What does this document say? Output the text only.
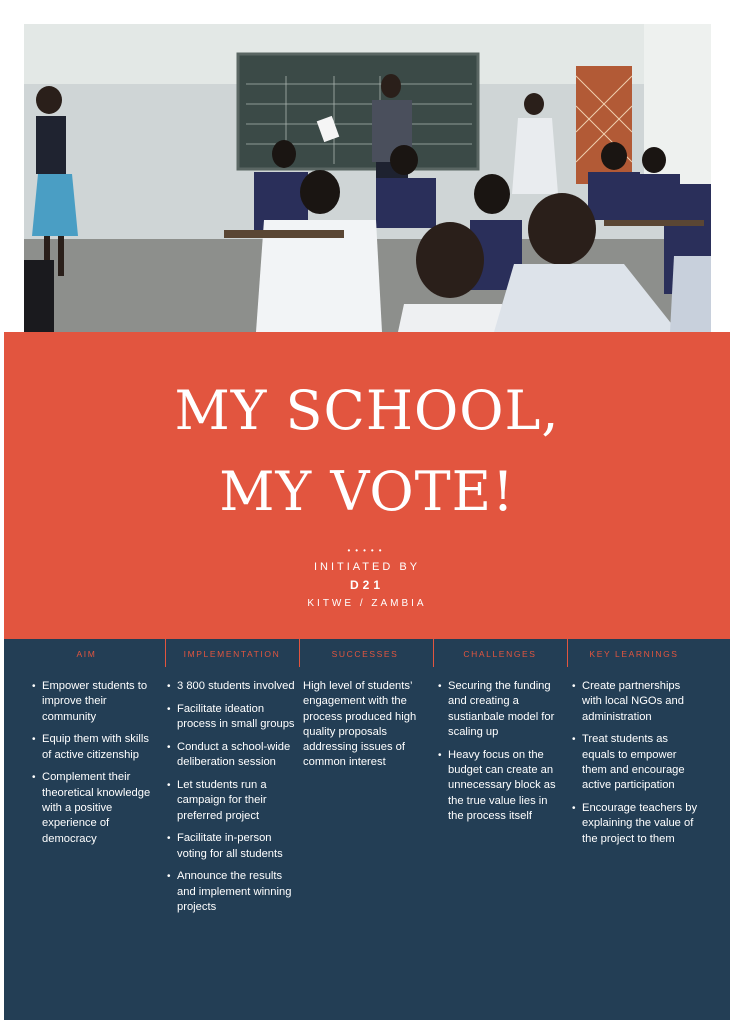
MY SCHOOL,
MY VOTE!
•••••
INITIATED BY
D21
KITWE / ZAMBIA
AIM
• Empower students to improve their community
• Equip them with skills of active citizenship
• Complement their theoretical knowledge with a positive experience of democracy
IMPLEMENTATION
• 3 800 students involved
• Facilitate ideation process in small groups
• Conduct a school-wide deliberation session
• Let students run a campaign for their preferred project
• Facilitate in-person voting for all students
• Announce the results and implement winning projects
SUCCESSES

High level of students’ engagement with the process produced high quality proposals addressing issues of common interest

CHALLENGES
• Securing the funding and creating a sustianbale model for scaling up
• Heavy focus on the budget can create an unnecessary block as the true value lies in the process itself
KEY LEARNINGS
• Create partnerships with local NGOs and administration
• Treat students as equals to empower them and encourage active participation
• Encourage teachers by explaining the value of the project to them
